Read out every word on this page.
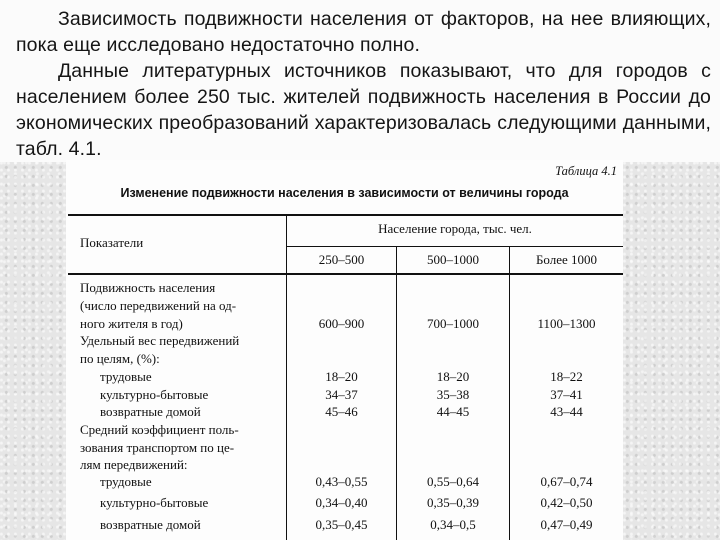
Зависимость подвижности населения от факторов, на нее влияющих, пока еще исследовано недостаточно полно.

Данные литературных источников показывают, что для городов с населением более 250 тыс. жителей подвижность населения в России до экономических преобразований характеризовалась следующими данными, табл. 4.1.

Таблица 4.1
Изменение подвижности населения в зависимости от величины города
Показатели
Население города, тыс. чел.
250–500	500–1000	Более 1000
Подвижность населения
(число передвижений на од-
ного жителя в год)	600–900	700–1000	1100–1300
Удельный вес передвижений
по целям, (%):
трудовые	18–20	18–20	18–22
культурно-бытовые	34–37	35–38	37–41
возвратные домой	45–46	44–45	43–44
Средний коэффициент поль-
зования транспортом по це-
лям передвижений:
трудовые	0,43–0,55	0,55–0,64	0,67–0,74
культурно-бытовые	0,34–0,40	0,35–0,39	0,42–0,50
возвратные домой	0,35–0,45	0,34–0,5	0,47–0,49
